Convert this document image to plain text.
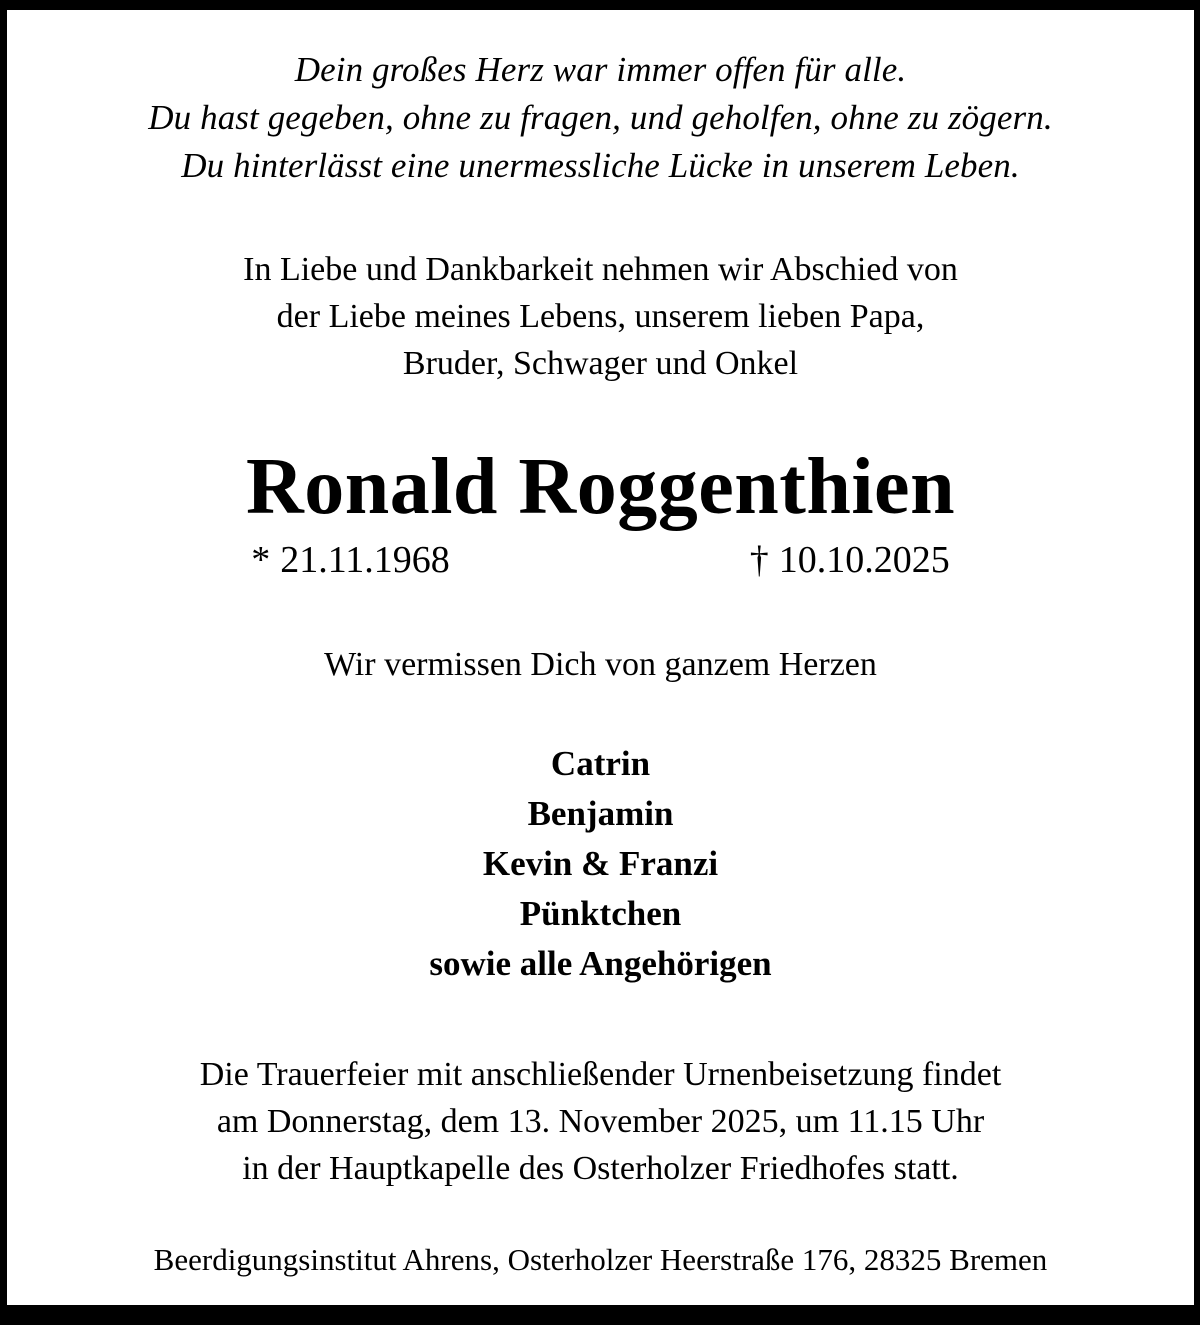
Dein großes Herz war immer offen für alle.
Du hast gegeben, ohne zu fragen, und geholfen, ohne zu zögern.
Du hinterlässt eine unermessliche Lücke in unserem Leben.
In Liebe und Dankbarkeit nehmen wir Abschied von
der Liebe meines Lebens, unserem lieben Papa,
Bruder, Schwager und Onkel
Ronald Roggenthien
* 21.11.1968	† 10.10.2025
Wir vermissen Dich von ganzem Herzen
Catrin
Benjamin
Kevin & Franzi
Pünktchen
sowie alle Angehörigen
Die Trauerfeier mit anschließender Urnenbeisetzung findet
am Donnerstag, dem 13. November 2025, um 11.15 Uhr
in der Hauptkapelle des Osterholzer Friedhofes statt.
Beerdigungsinstitut Ahrens, Osterholzer Heerstraße 176, 28325 Bremen
